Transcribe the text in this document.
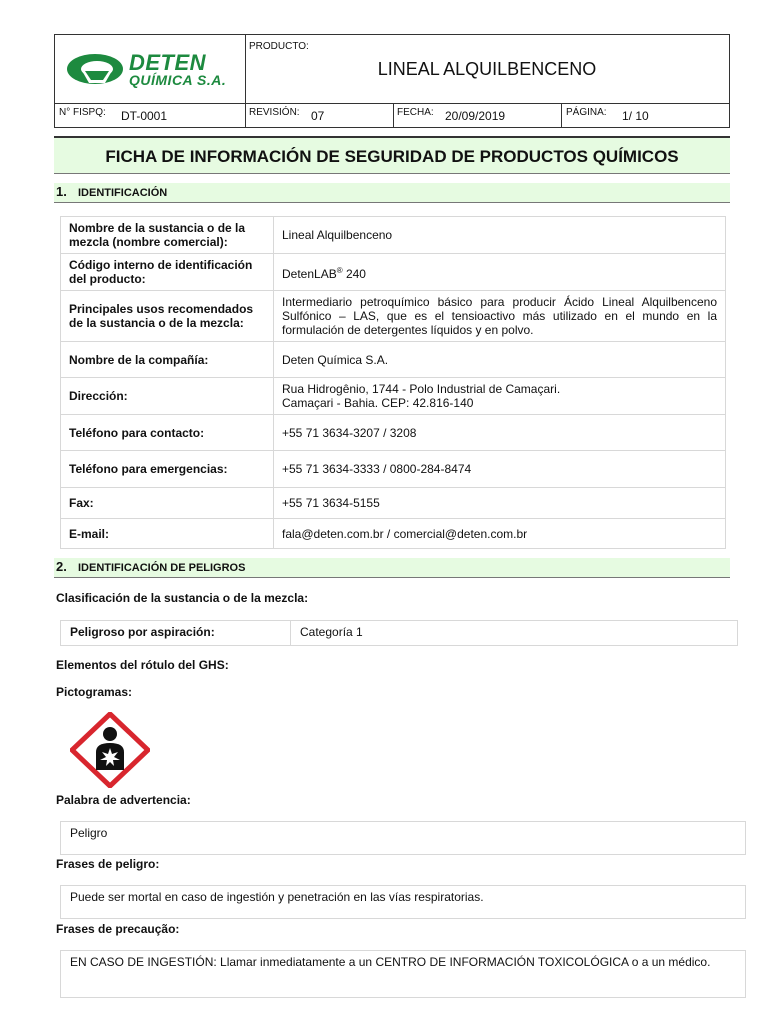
DETEN
QUÍMICA S.A.
PRODUCTO:
LINEAL ALQUILBENCENO
N° FISPQ: DT-0001	REVISIÓN: 07	FECHA: 20/09/2019	PÁGINA: 1/ 10
FICHA DE INFORMACIÓN DE SEGURIDAD DE PRODUCTOS QUÍMICOS
1. IDENTIFICACIÓN
Nombre de la sustancia o de la mezcla (nombre comercial):	Lineal Alquilbenceno
Código interno de identificación del producto:	DetenLAB® 240
Principales usos recomendados de la sustancia o de la mezcla:	Intermediario petroquímico básico para producir Ácido Lineal Alquilbenceno Sulfónico – LAS, que es el tensioactivo más utilizado en el mundo en la formulación de detergentes líquidos y en polvo.
Nombre de la compañía:	Deten Química S.A.
Dirección:	Rua Hidrogênio, 1744 - Polo Industrial de Camaçari.
Camaçari - Bahia. CEP: 42.816-140

Teléfono para contacto:	+55 71 3634-3207 / 3208
Teléfono para emergencias:	+55 71 3634-3333 / 0800-284-8474
Fax:	+55 71 3634-5155
E-mail:	fala@deten.com.br / comercial@deten.com.br
2. IDENTIFICACIÓN DE PELIGROS
Clasificación de la sustancia o de la mezcla:
Peligroso por aspiración:	Categoría 1
Elementos del rótulo del GHS:
Pictogramas:
Palabra de advertencia:
Peligro
Frases de peligro:
Puede ser mortal en caso de ingestión y penetración en las vías respiratorias.
Frases de precaução:
EN CASO DE INGESTIÓN: Llamar inmediatamente a un CENTRO DE INFORMACIÓN TOXICOLÓGICA o a un médico.
